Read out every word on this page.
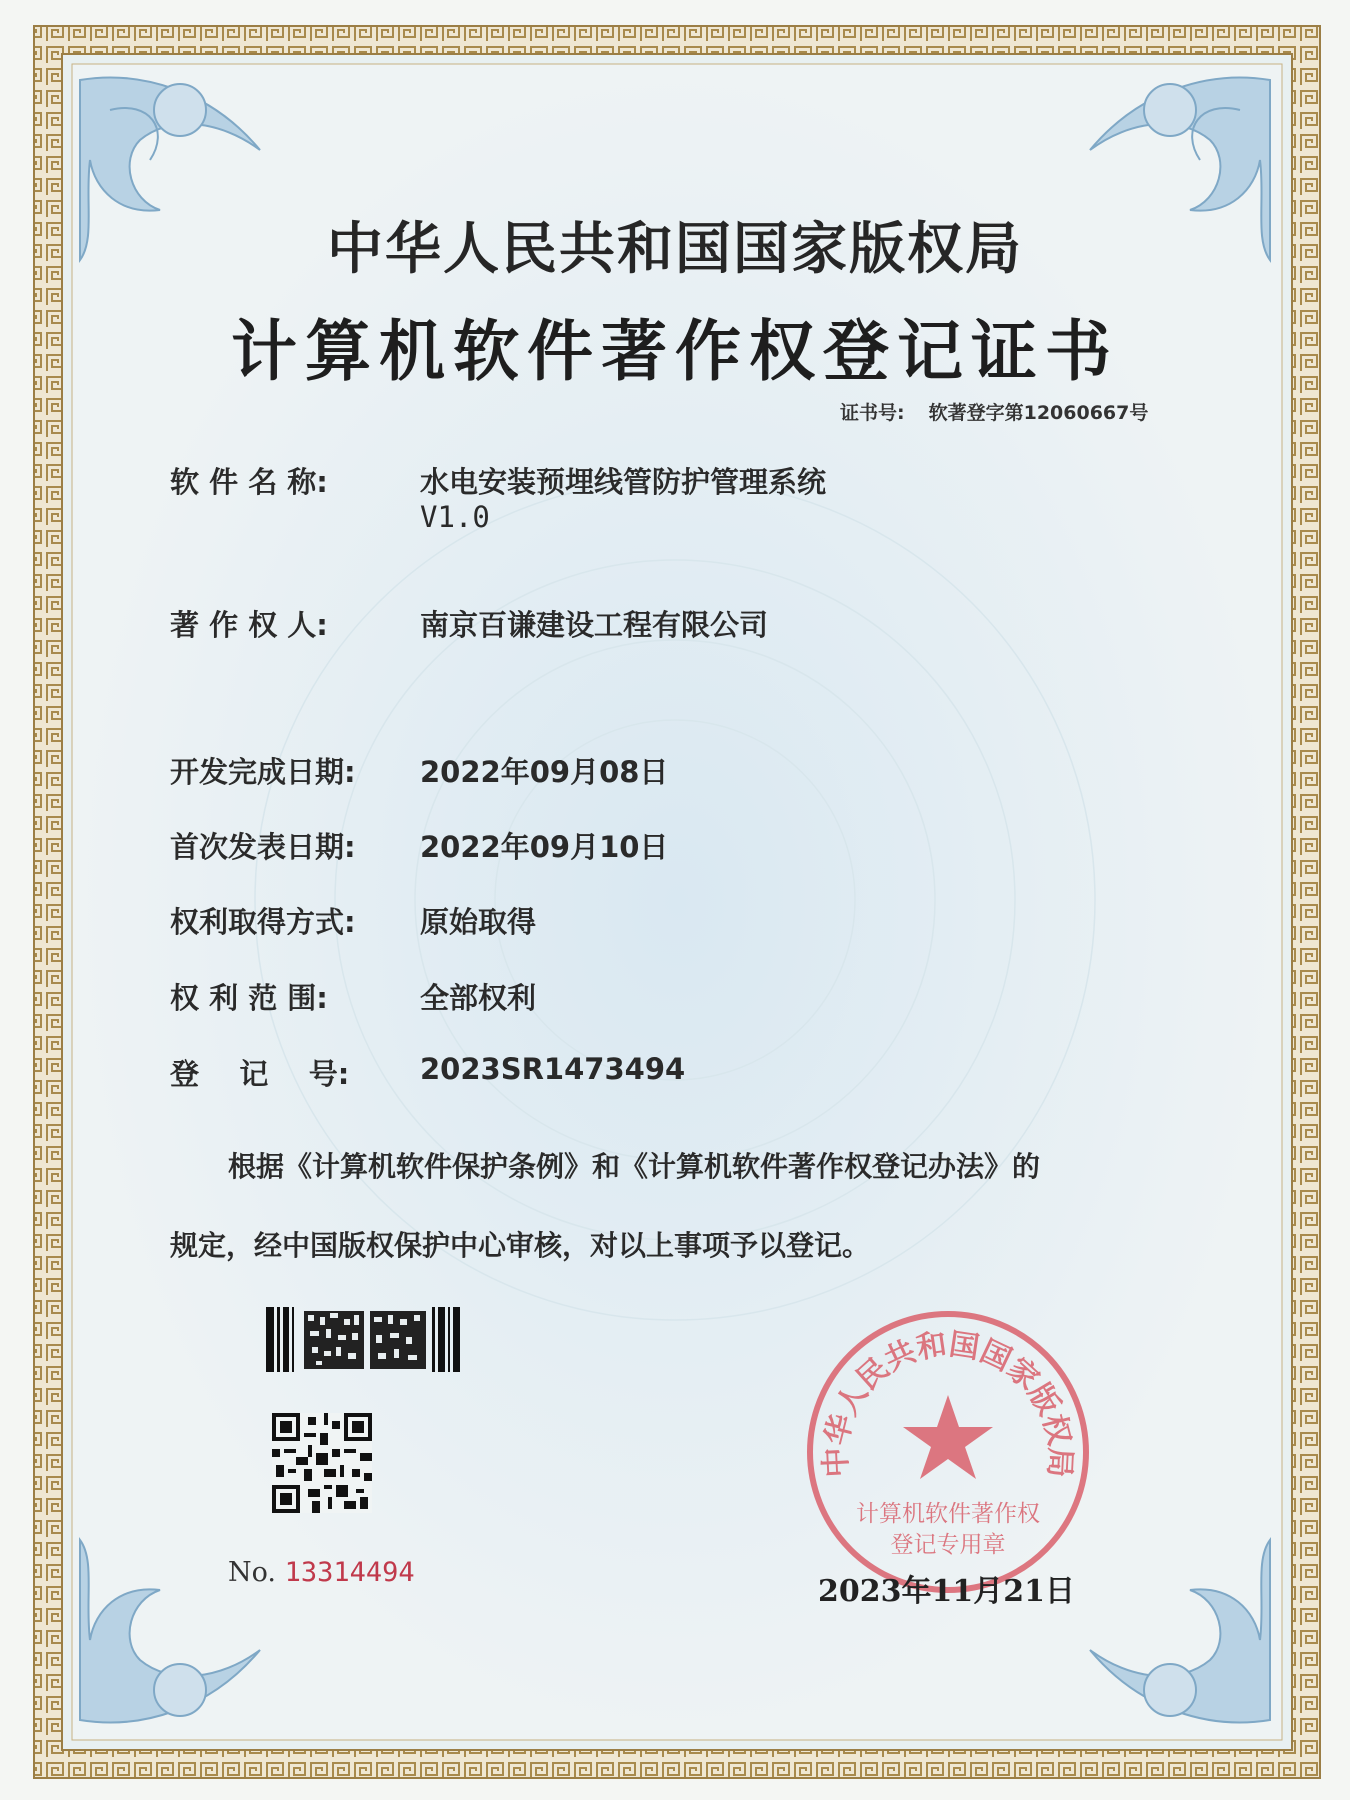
中华人民共和国国家版权局
计算机软件著作权登记证书
证书号: 软著登字第12060667号
软 件 名 称:	水电安装预埋线管防护管理系统
V1.0
著 作 权 人:	南京百谦建设工程有限公司
开发完成日期: 2022年09月08日
首次发表日期: 2022年09月10日
权利取得方式: 原始取得
权 利 范 围:	全部权利
登    记    号: 2023SR1473494
根据《计算机软件保护条例》和《计算机软件著作权登记办法》的
规定，经中国版权保护中心审核，对以上事项予以登记。
中华人民共和国国家版权局
计算机软件著作权
登记专用章
No. 13314494
2023年11月21日
